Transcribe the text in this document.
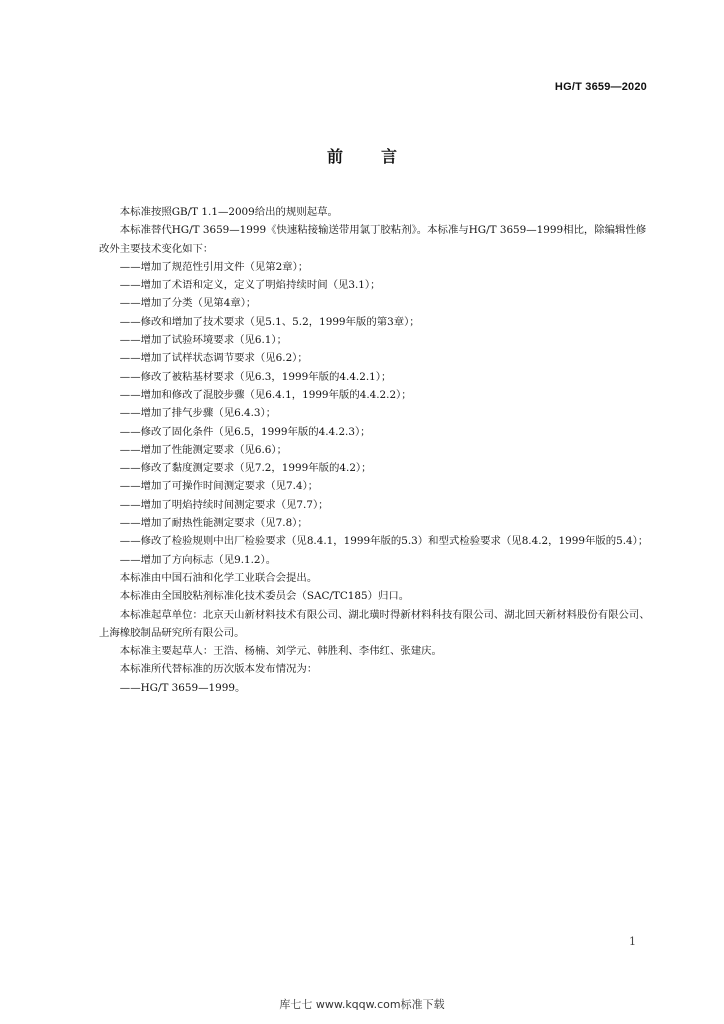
HG/T 3659—2020
前言

本标准按照GB/T 1.1—2009给出的规则起草。

本标准替代HG/T 3659—1999《快速粘接输送带用氯丁胶粘剂》。本标准与HG/T 3659—1999相比，除编辑性修改外主要技术变化如下：

——增加了规范性引用文件（见第2章）；

——增加了术语和定义，定义了明焰持续时间（见3.1）；

——增加了分类（见第4章）；

——修改和增加了技术要求（见5.1、5.2，1999年版的第3章）；

——增加了试验环境要求（见6.1）；

——增加了试样状态调节要求（见6.2）；

——修改了被粘基材要求（见6.3，1999年版的4.4.2.1）；

——增加和修改了混胶步骤（见6.4.1，1999年版的4.4.2.2）；

——增加了排气步骤（见6.4.3）；

——修改了固化条件（见6.5，1999年版的4.4.2.3）；

——增加了性能测定要求（见6.6）；

——修改了黏度测定要求（见7.2，1999年版的4.2）；

——增加了可操作时间测定要求（见7.4）；

——增加了明焰持续时间测定要求（见7.7）；

——增加了耐热性能测定要求（见7.8）；

——修改了检验规则中出厂检验要求（见8.4.1，1999年版的5.3）和型式检验要求（见8.4.2，1999年版的5.4）；

——增加了方向标志（见9.1.2）。

本标准由中国石油和化学工业联合会提出。

本标准由全国胶粘剂标准化技术委员会（SAC/TC185）归口。

本标准起草单位：北京天山新材料技术有限公司、湖北璜时得新材料科技有限公司、湖北回天新材料股份有限公司、上海橡胶制品研究所有限公司。

本标准主要起草人：王浩、杨楠、刘学元、韩胜利、李伟红、张建庆。

本标准所代替标准的历次版本发布情况为：

——HG/T 3659—1999。

1
库七七 www.kqqw.com标准下载
